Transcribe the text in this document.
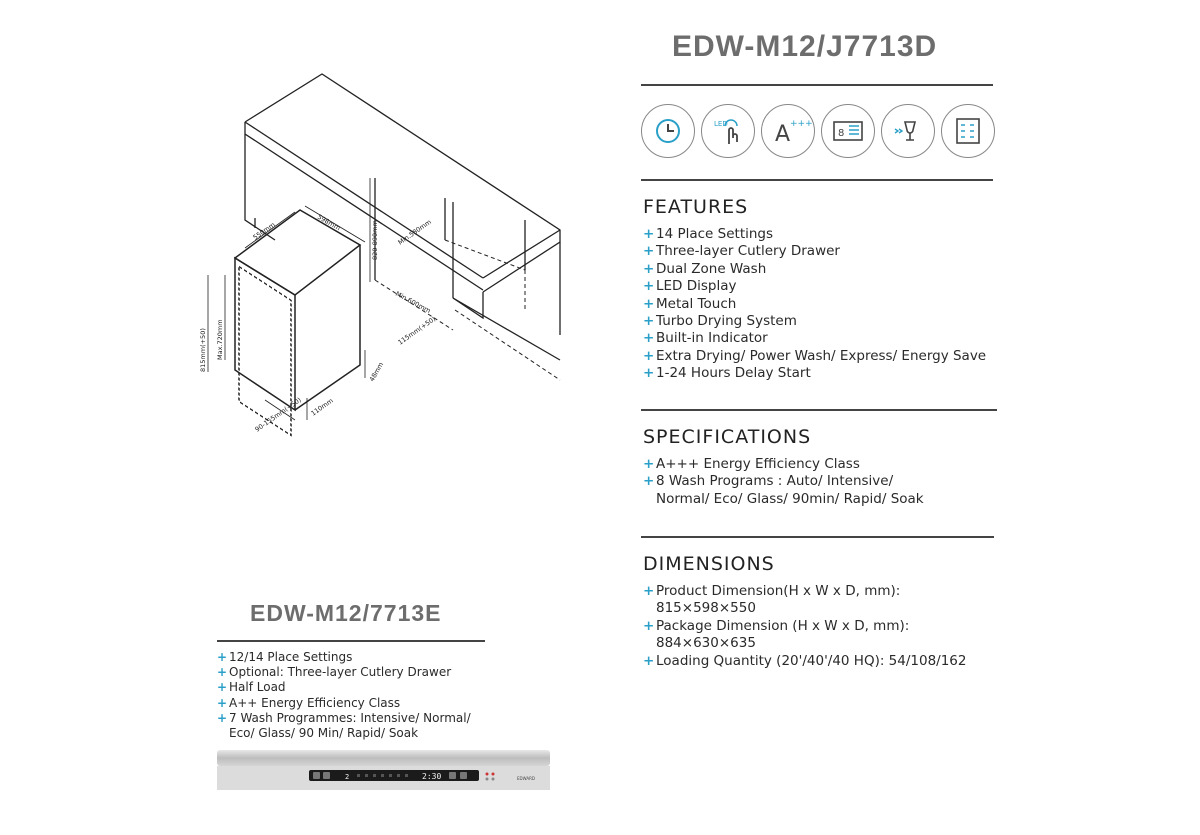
598mm
550mm	820-890mm	Min.580mm
Min.600mm
115mm(+50)
815mm(+50) Max.720mm
90-155mm(+50) 110mm
48mm
EDW-M12/J7713D
LED A +++
8
FEATURES
+ 14 Place Settings
+ Three-layer Cutlery Drawer
+ Dual Zone Wash
+ LED Display
+ Metal Touch
+ Turbo Drying System
+ Built-in Indicator
+ Extra Drying/ Power Wash/ Express/ Energy Save
+ 1-24 Hours Delay Start
SPECIFICATIONS
+ A+++ Energy Efficiency Class
+ 8 Wash Programs : Auto/ Intensive/ Normal/ Eco/ Glass/ 90min/ Rapid/ Soak
DIMENSIONS
+ Product Dimension(H x W x D, mm): 815×598×550
+ Package Dimension (H x W x D, mm): 884×630×635
+ Loading Quantity (20'/40'/40 HQ): 54/108/162
EDW-M12/7713E
+ 12/14 Place Settings
+ Optional: Three-layer Cutlery Drawer
+ Half Load
+ A++ Energy Efficiency Class
+ 7 Wash Programmes: Intensive/ Normal/ Eco/ Glass/ 90 Min/ Rapid/ Soak
2	2:30	EDWARD
